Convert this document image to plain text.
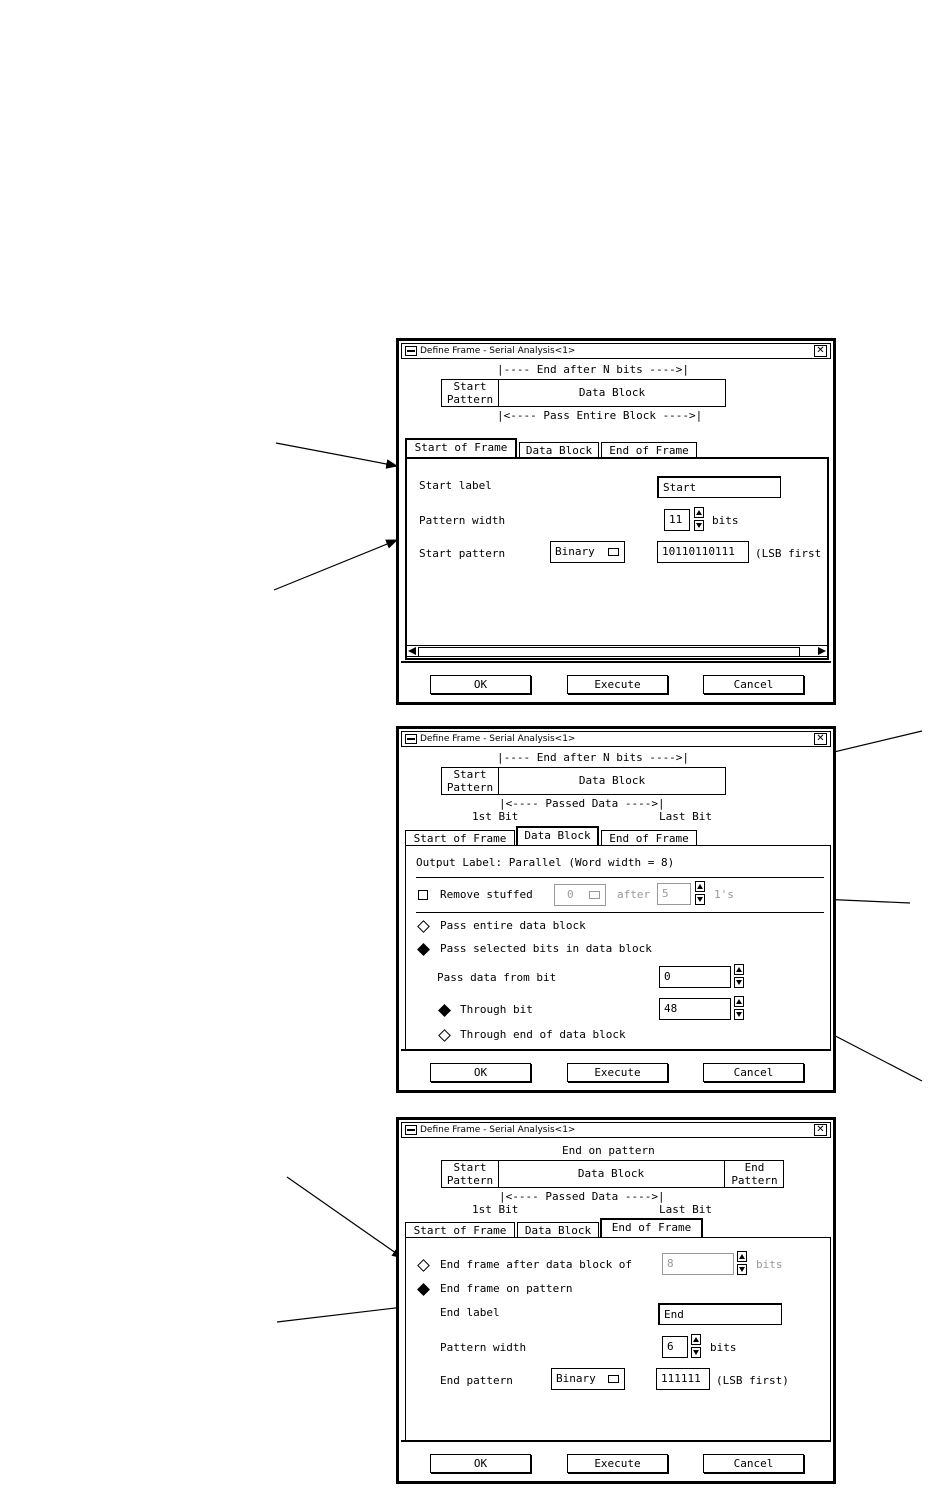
Define Frame - Serial Analysis<1>	✕
|---- End after N bits ---->|
Start
Pattern
Data Block
|<---- Pass Entire Block ---->|
Start of Frame	Data Block	End of Frame
Start label	Start
Pattern width	11	bits
Start pattern	Binary	10110110111	(LSB first
OK	Execute	Cancel
Define Frame - Serial Analysis<1>	✕
|---- End after N bits ---->|
Start
Pattern
Data Block
|<---- Passed Data ---->|
1st Bit	Last Bit
Start of Frame	Data Block	End of Frame
Output Label: Parallel (Word width = 8)
Remove stuffed	0	after	5	1's
Pass entire data block
Pass selected bits in data block
Pass data from bit	0
Through bit	48
Through end of data block
OK	Execute	Cancel
Define Frame - Serial Analysis<1>	✕
End on pattern
Start
Pattern
Data Block	End
Pattern
|<---- Passed Data ---->|
1st Bit	Last Bit
Start of Frame	Data Block	End of Frame
End frame after data block of	8	bits
End frame on pattern
End label	End
Pattern width	6	bits
End pattern	Binary	111111	(LSB first)
OK	Execute	Cancel
